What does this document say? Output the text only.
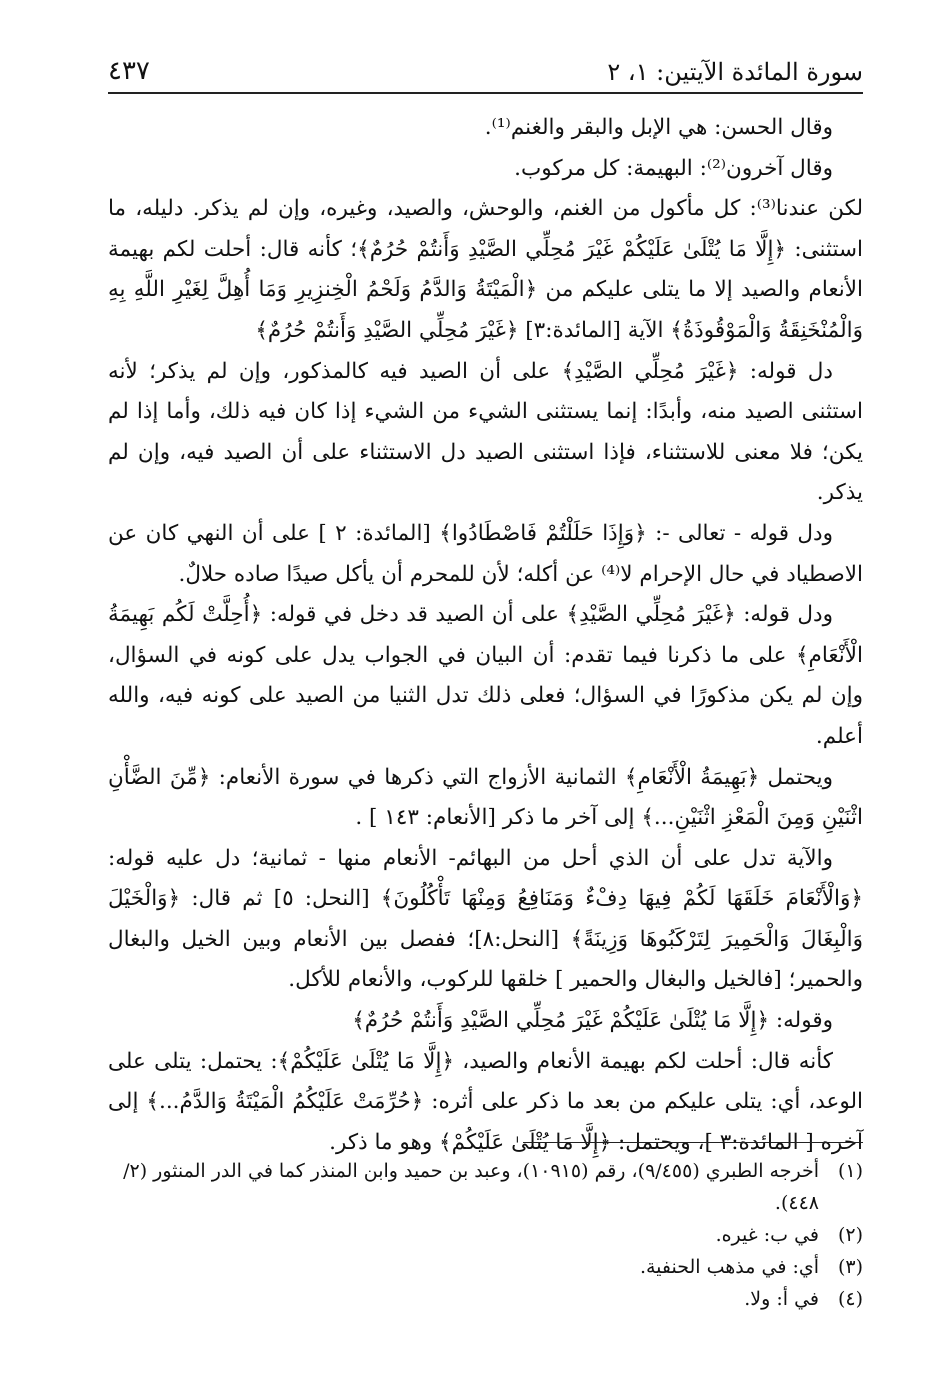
سورة المائدة الآيتين: ١، ٢
٤٣٧

وقال الحسن: هي الإبل والبقر والغنم⁽¹⁾.

وقال آخرون⁽²⁾: البهيمة: كل مركوب.

لكن عندنا⁽³⁾: كل مأكول من الغنم، والوحش، والصيد، وغيره، وإن لم يذكر. دليله، ما استثنى: ﴿إِلَّا مَا يُتْلَىٰ عَلَيْكُمْ غَيْرَ مُحِلِّي الصَّيْدِ وَأَنتُمْ حُرُمٌ﴾؛ كأنه قال: أحلت لكم بهيمة الأنعام والصيد إلا ما يتلى عليكم من ﴿الْمَيْتَةُ وَالدَّمُ وَلَحْمُ الْخِنزِيرِ وَمَا أُهِلَّ لِغَيْرِ اللَّهِ بِهِ وَالْمُنْخَنِقَةُ وَالْمَوْقُوذَةُ﴾ الآية [المائدة:٣] ﴿غَيْرَ مُحِلِّي الصَّيْدِ وَأَنتُمْ حُرُمٌ﴾

دل قوله: ﴿غَيْرَ مُحِلِّي الصَّيْدِ﴾ على أن الصيد فيه كالمذكور، وإن لم يذكر؛ لأنه استثنى الصيد منه، وأبدًا: إنما يستثنى الشيء من الشيء إذا كان فيه ذلك، وأما إذا لم يكن؛ فلا معنى للاستثناء، فإذا استثنى الصيد دل الاستثناء على أن الصيد فيه، وإن لم يذكر.

ودل قوله - تعالى -: ﴿وَإِذَا حَلَلْتُمْ فَاصْطَادُوا﴾ [المائدة: ٢ ] على أن النهي كان عن الاصطياد في حال الإحرام لا⁽⁴⁾ عن أكله؛ لأن للمحرم أن يأكل صيدًا صاده حلالٌ.

ودل قوله: ﴿غَيْرَ مُحِلِّي الصَّيْدِ﴾ على أن الصيد قد دخل في قوله: ﴿أُحِلَّتْ لَكُم بَهِيمَةُ الْأَنْعَامِ﴾ على ما ذكرنا فيما تقدم: أن البيان في الجواب يدل على كونه في السؤال، وإن لم يكن مذكورًا في السؤال؛ فعلى ذلك تدل الثنيا من الصيد على كونه فيه، والله أعلم.

ويحتمل ﴿بَهِيمَةُ الْأَنْعَامِ﴾ الثمانية الأزواج التي ذكرها في سورة الأنعام: ﴿مِّنَ الضَّأْنِ اثْنَيْنِ وَمِنَ الْمَعْزِ اثْنَيْنِ...﴾ إلى آخر ما ذكر [الأنعام: ١٤٣ ] .

والآية تدل على أن الذي أحل من البهائم- الأنعام منها - ثمانية؛ دل عليه قوله: ﴿وَالْأَنْعَامَ خَلَقَهَا لَكُمْ فِيهَا دِفْءٌ وَمَنَافِعُ وَمِنْهَا تَأْكُلُونَ﴾ [النحل: ٥] ثم قال: ﴿وَالْخَيْلَ وَالْبِغَالَ وَالْحَمِيرَ لِتَرْكَبُوهَا وَزِينَةً﴾ [النحل:٨]؛ ففصل بين الأنعام وبين الخيل والبغال والحمير؛ [فالخيل والبغال والحمير ] خلقها للركوب، والأنعام للأكل.

وقوله: ﴿إِلَّا مَا يُتْلَىٰ عَلَيْكُمْ غَيْرَ مُحِلِّي الصَّيْدِ وَأَنتُمْ حُرُمٌ﴾

كأنه قال: أحلت لكم بهيمة الأنعام والصيد، ﴿إِلَّا مَا يُتْلَىٰ عَلَيْكُمْ﴾: يحتمل: يتلى على الوعد، أي: يتلى عليكم من بعد ما ذكر على أثره: ﴿حُرِّمَتْ عَلَيْكُمُ الْمَيْتَةُ وَالدَّمُ...﴾ إلى آخره [ المائدة:٣ ]، ويحتمل: ﴿إِلَّا مَا يُتْلَىٰ عَلَيْكُمْ﴾ وهو ما ذكر.

(١)
أخرجه الطبري (٩/٤٥٥)، رقم (١٠٩١٥)، وعبد بن حميد وابن المنذر كما في الدر المنثور (٢/ ٤٤٨).
(٢)
في ب: غيره.
(٣)
أي: في مذهب الحنفية.
(٤)
في أ: ولا.
